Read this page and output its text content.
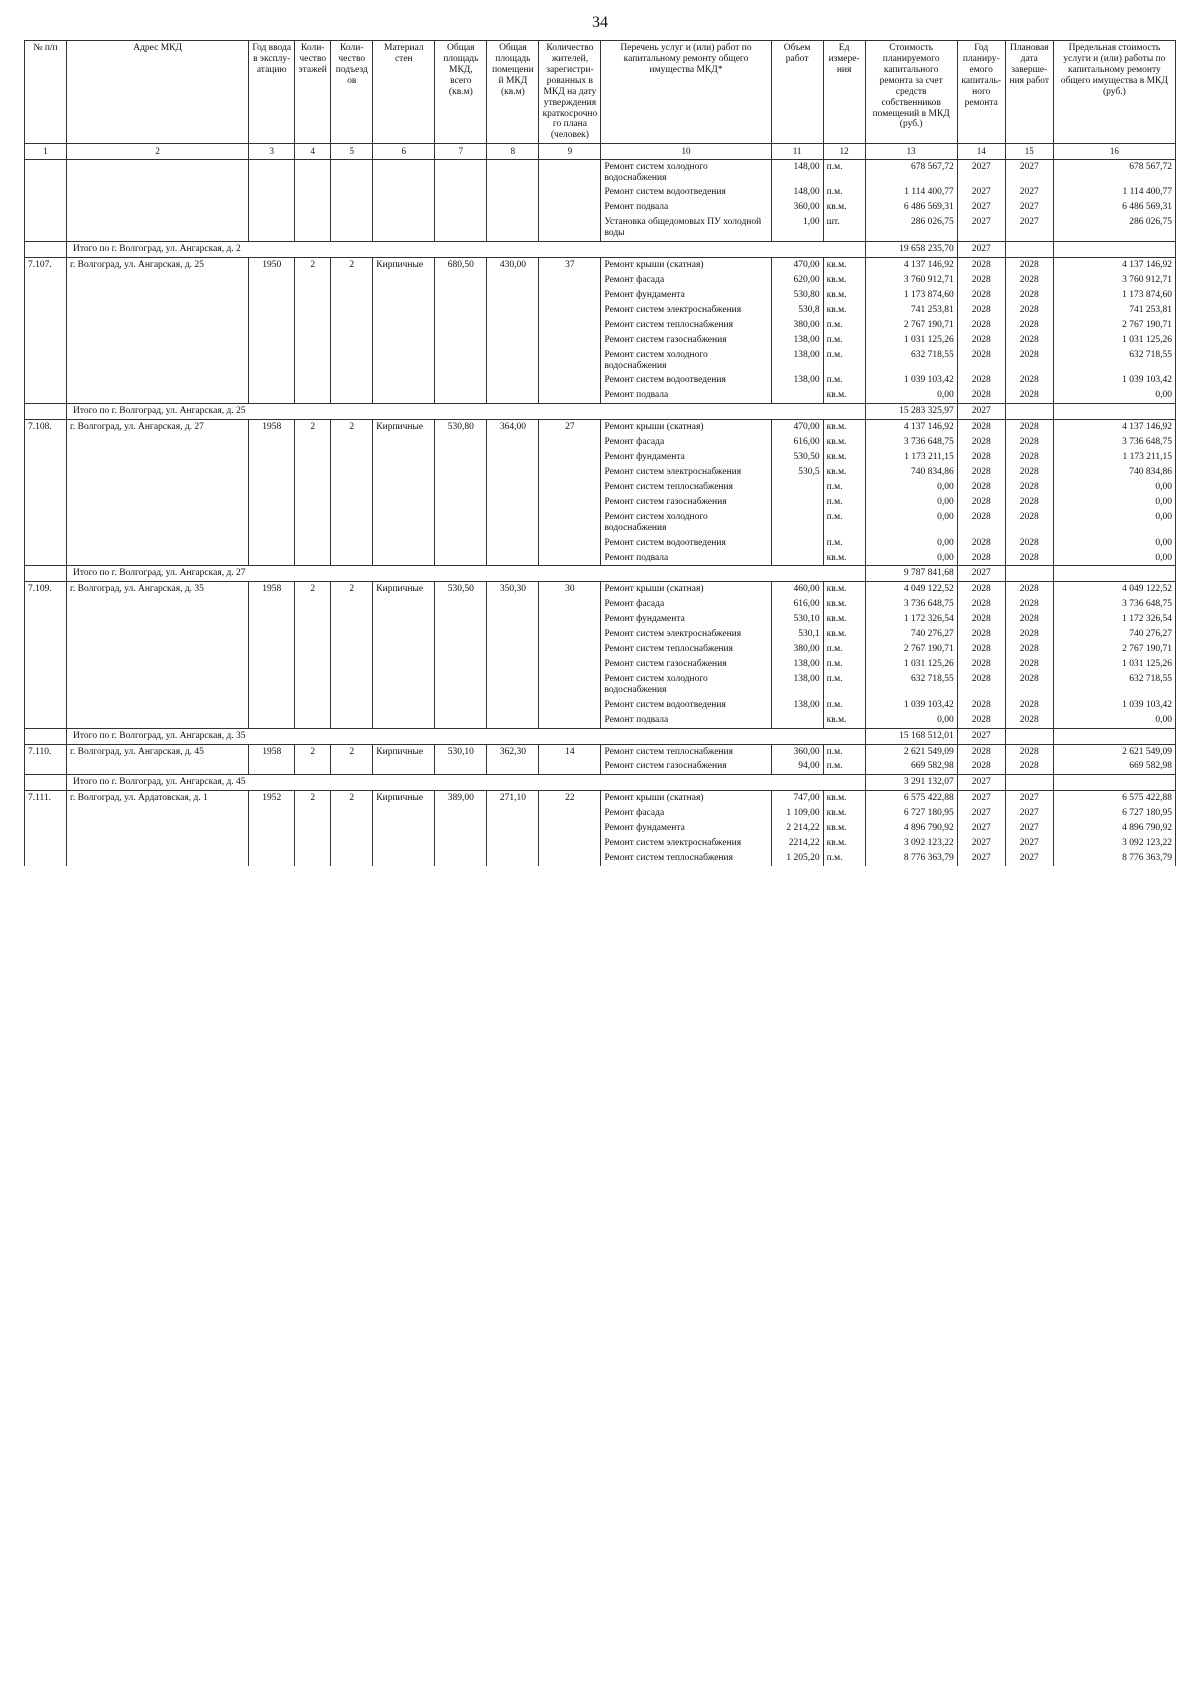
34
№ п/п	Адрес МКД	Год ввода в эксплу- атацию	Коли- чество этажей	Коли- чество подъездов	Материал стен	Общая площадь МКД, всего (кв.м)	Общая площадь помещений МКД (кв.м)	Количество жителей, зарегистри- рованных в МКД на дату утверждения краткосрочного плана (человек)	Перечень услуг и (или) работ по капитальному ремонту общего имущества МКД*	Объем работ	Ед измере- ния	Стоимость планируемого капитального ремонта за счет средств собственников помещений в МКД (руб.)	Год планиру- емого капиталь- ного ремонта	Плановая дата заверше- ния работ	Предельная стоимость услуги и (или) работы по капитальному ремонту общего имущества в МКД (руб.)
1	2	3	4	5	6	7	8	9	10	11	12	13	14	15	16
									Ремонт систем холодного водоснабжения	148,00	п.м.	678 567,72	2027	2027	678 567,72
									Ремонт систем водоотведения	148,00	п.м.	1 114 400,77	2027	2027	1 114 400,77
									Ремонт подвала	360,00	кв.м.	6 486 569,31	2027	2027	6 486 569,31
									Установка общедомовых ПУ холодной воды	1,00	шт.	286 026,75	2027	2027	286 026,75
	Итого по г. Волгоград, ул. Ангарская, д. 2											19 658 235,70	2027		
7.107.	г. Волгоград, ул. Ангарская, д. 25	1950	2	2	Кирпичные	680,50	430,00	37	Ремонт крыши (скатная)	470,00	кв.м.	4 137 146,92	2028	2028	4 137 146,92
									Ремонт фасада	620,00	кв.м.	3 760 912,71	2028	2028	3 760 912,71
									Ремонт фундамента	530,80	кв.м.	1 173 874,60	2028	2028	1 173 874,60
									Ремонт систем электроснабжения	530,8	кв.м.	741 253,81	2028	2028	741 253,81
									Ремонт систем теплоснабжения	380,00	п.м.	2 767 190,71	2028	2028	2 767 190,71
									Ремонт систем газоснабжения	138,00	п.м.	1 031 125,26	2028	2028	1 031 125,26
									Ремонт систем холодного водоснабжения	138,00	п.м.	632 718,55	2028	2028	632 718,55
									Ремонт систем водоотведения	138,00	п.м.	1 039 103,42	2028	2028	1 039 103,42
									Ремонт подвала		кв.м.	0,00	2028	2028	0,00
	Итого по г. Волгоград, ул. Ангарская, д. 25											15 283 325,97	2027		
7.108.	г. Волгоград, ул. Ангарская, д. 27	1958	2	2	Кирпичные	530,80	364,00	27	Ремонт крыши (скатная)	470,00	кв.м.	4 137 146,92	2028	2028	4 137 146,92
									Ремонт фасада	616,00	кв.м.	3 736 648,75	2028	2028	3 736 648,75
									Ремонт фундамента	530,50	кв.м.	1 173 211,15	2028	2028	1 173 211,15
									Ремонт систем электроснабжения	530,5	кв.м.	740 834,86	2028	2028	740 834,86
									Ремонт систем теплоснабжения		п.м.	0,00	2028	2028	0,00
									Ремонт систем газоснабжения		п.м.	0,00	2028	2028	0,00
									Ремонт систем холодного водоснабжения		п.м.	0,00	2028	2028	0,00
									Ремонт систем водоотведения		п.м.	0,00	2028	2028	0,00
									Ремонт подвала		кв.м.	0,00	2028	2028	0,00
	Итого по г. Волгоград, ул. Ангарская, д. 27											9 787 841,68	2027		
7.109.	г. Волгоград, ул. Ангарская, д. 35	1958	2	2	Кирпичные	530,50	350,30	30	Ремонт крыши (скатная)	460,00	кв.м.	4 049 122,52	2028	2028	4 049 122,52
									Ремонт фасада	616,00	кв.м.	3 736 648,75	2028	2028	3 736 648,75
									Ремонт фундамента	530,10	кв.м.	1 172 326,54	2028	2028	1 172 326,54
									Ремонт систем электроснабжения	530,1	кв.м.	740 276,27	2028	2028	740 276,27
									Ремонт систем теплоснабжения	380,00	п.м.	2 767 190,71	2028	2028	2 767 190,71
									Ремонт систем газоснабжения	138,00	п.м.	1 031 125,26	2028	2028	1 031 125,26
									Ремонт систем холодного водоснабжения	138,00	п.м.	632 718,55	2028	2028	632 718,55
									Ремонт систем водоотведения	138,00	п.м.	1 039 103,42	2028	2028	1 039 103,42
									Ремонт подвала		кв.м.	0,00	2028	2028	0,00
	Итого по г. Волгоград, ул. Ангарская, д. 35											15 168 512,01	2027		
7.110.	г. Волгоград, ул. Ангарская, д. 45	1958	2	2	Кирпичные	530,10	362,30	14	Ремонт систем теплоснабжения	360,00	п.м.	2 621 549,09	2028	2028	2 621 549,09
									Ремонт систем газоснабжения	94,00	п.м.	669 582,98	2028	2028	669 582,98
	Итого по г. Волгоград, ул. Ангарская, д. 45											3 291 132,07	2027		
7.111.	г. Волгоград, ул. Ардатовская, д. 1	1952	2	2	Кирпичные	389,00	271,10	22	Ремонт крыши (скатная)	747,00	кв.м.	6 575 422,88	2027	2027	6 575 422,88
									Ремонт фасада	1 109,00	кв.м.	6 727 180,95	2027	2027	6 727 180,95
									Ремонт фундамента	2 214,22	кв.м.	4 896 790,92	2027	2027	4 896 790,92
									Ремонт систем электроснабжения	2214,22	кв.м.	3 092 123,22	2027	2027	3 092 123,22
									Ремонт систем теплоснабжения	1 205,20	п.м.	8 776 363,79	2027	2027	8 776 363,79
